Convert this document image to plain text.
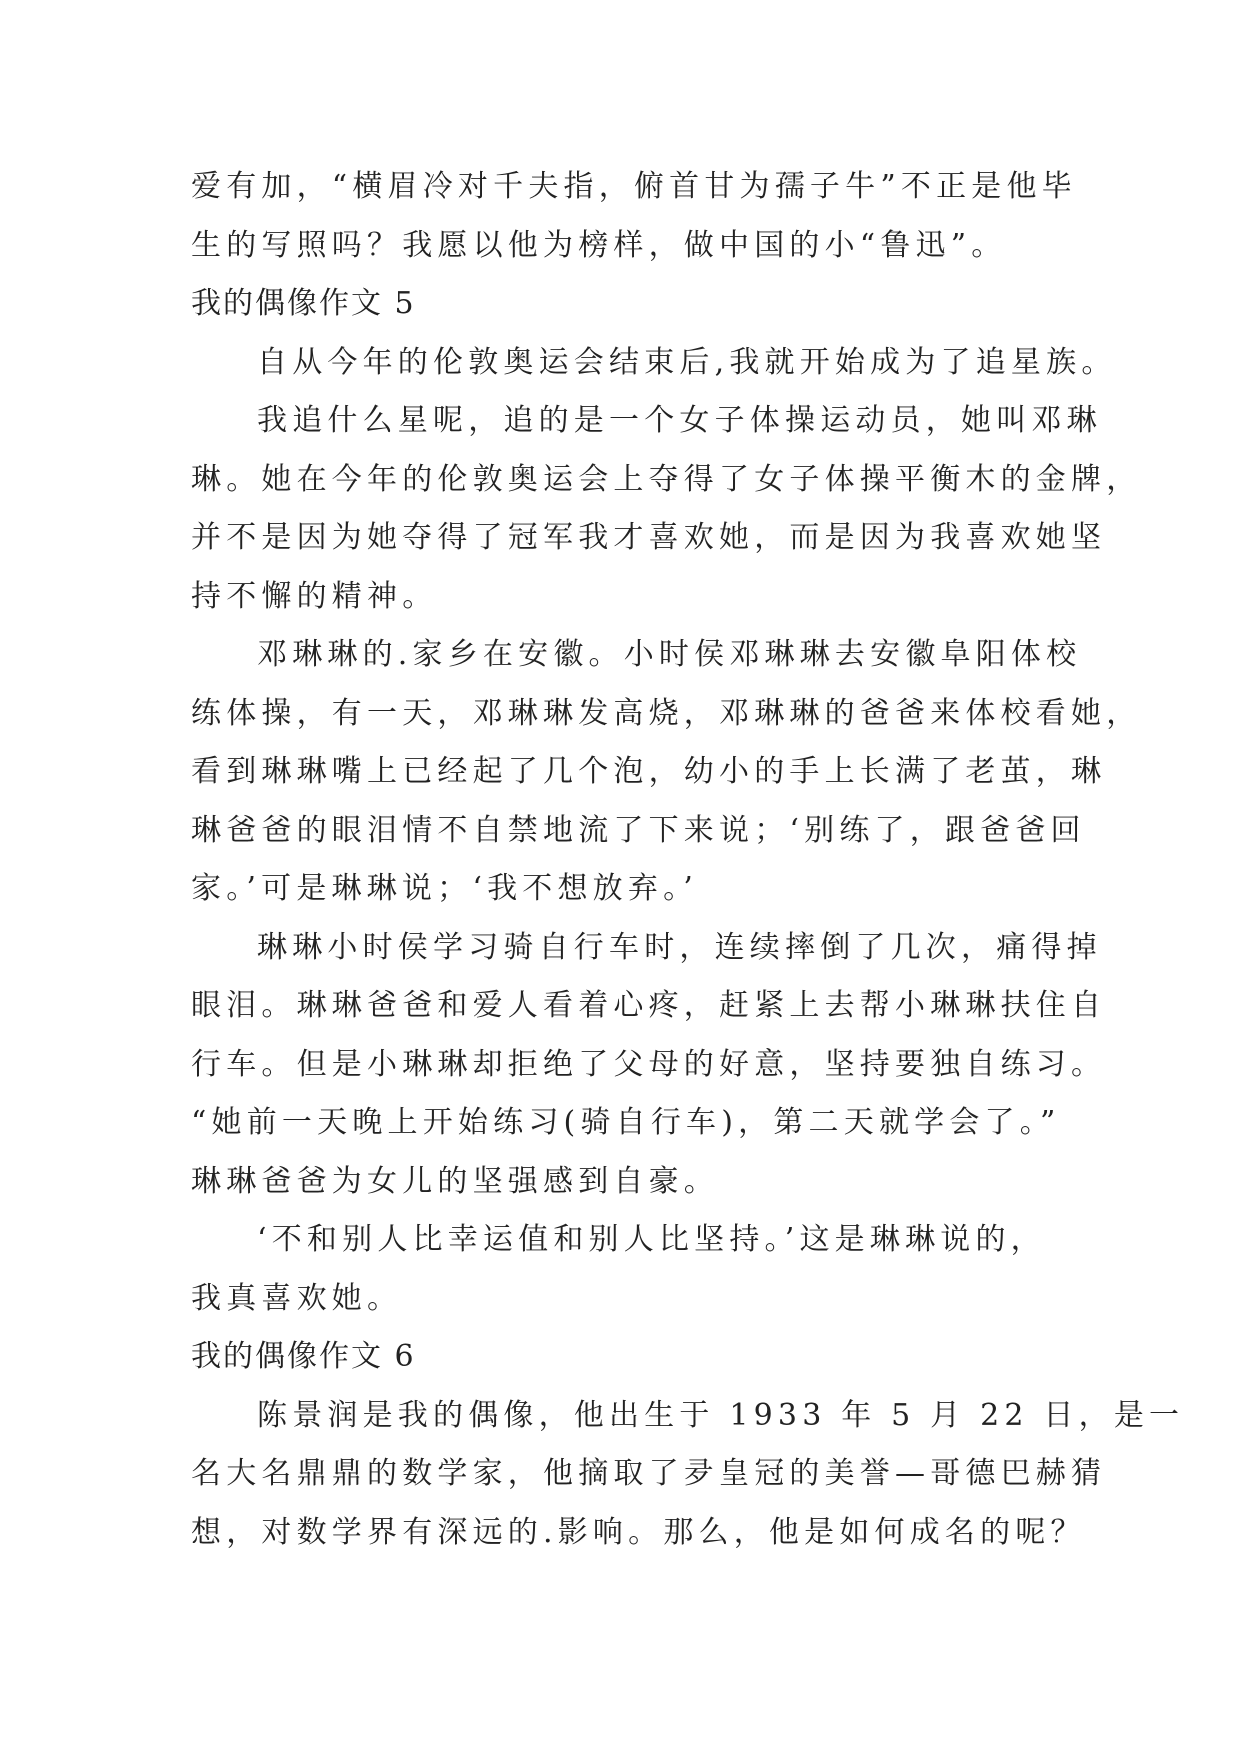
爱有加，“横眉冷对千夫指，俯首甘为孺子牛”不正是他毕
生的写照吗？我愿以他为榜样，做中国的小“鲁迅”。
我的偶像作文 5
自从今年的伦敦奥运会结束后,我就开始成为了追星族。
我追什么星呢，追的是一个女子体操运动员，她叫邓琳
琳。她在今年的伦敦奥运会上夺得了女子体操平衡木的金牌，
并不是因为她夺得了冠军我才喜欢她，而是因为我喜欢她坚
持不懈的精神。
邓琳琳的.家乡在安徽。小时侯邓琳琳去安徽阜阳体校
练体操，有一天，邓琳琳发高烧，邓琳琳的爸爸来体校看她，
看到琳琳嘴上已经起了几个泡，幼小的手上长满了老茧，琳
琳爸爸的眼泪情不自禁地流了下来说；‘别练了，跟爸爸回
家。’可是琳琳说；‘我不想放弃。’
琳琳小时侯学习骑自行车时，连续摔倒了几次，痛得掉
眼泪。琳琳爸爸和爱人看着心疼，赶紧上去帮小琳琳扶住自
行车。但是小琳琳却拒绝了父母的好意，坚持要独自练习。
“她前一天晚上开始练习(骑自行车)，第二天就学会了。”
琳琳爸爸为女儿的坚强感到自豪。
‘不和别人比幸运值和别人比坚持。’这是琳琳说的，
我真喜欢她。
我的偶像作文 6
陈景润是我的偶像，他出生于 1933 年 5 月 22 日，是一
名大名鼎鼎的数学家，他摘取了夛皇冠的美誉—哥德巴赫猜
想，对数学界有深远的.影响。那么，他是如何成名的呢？
